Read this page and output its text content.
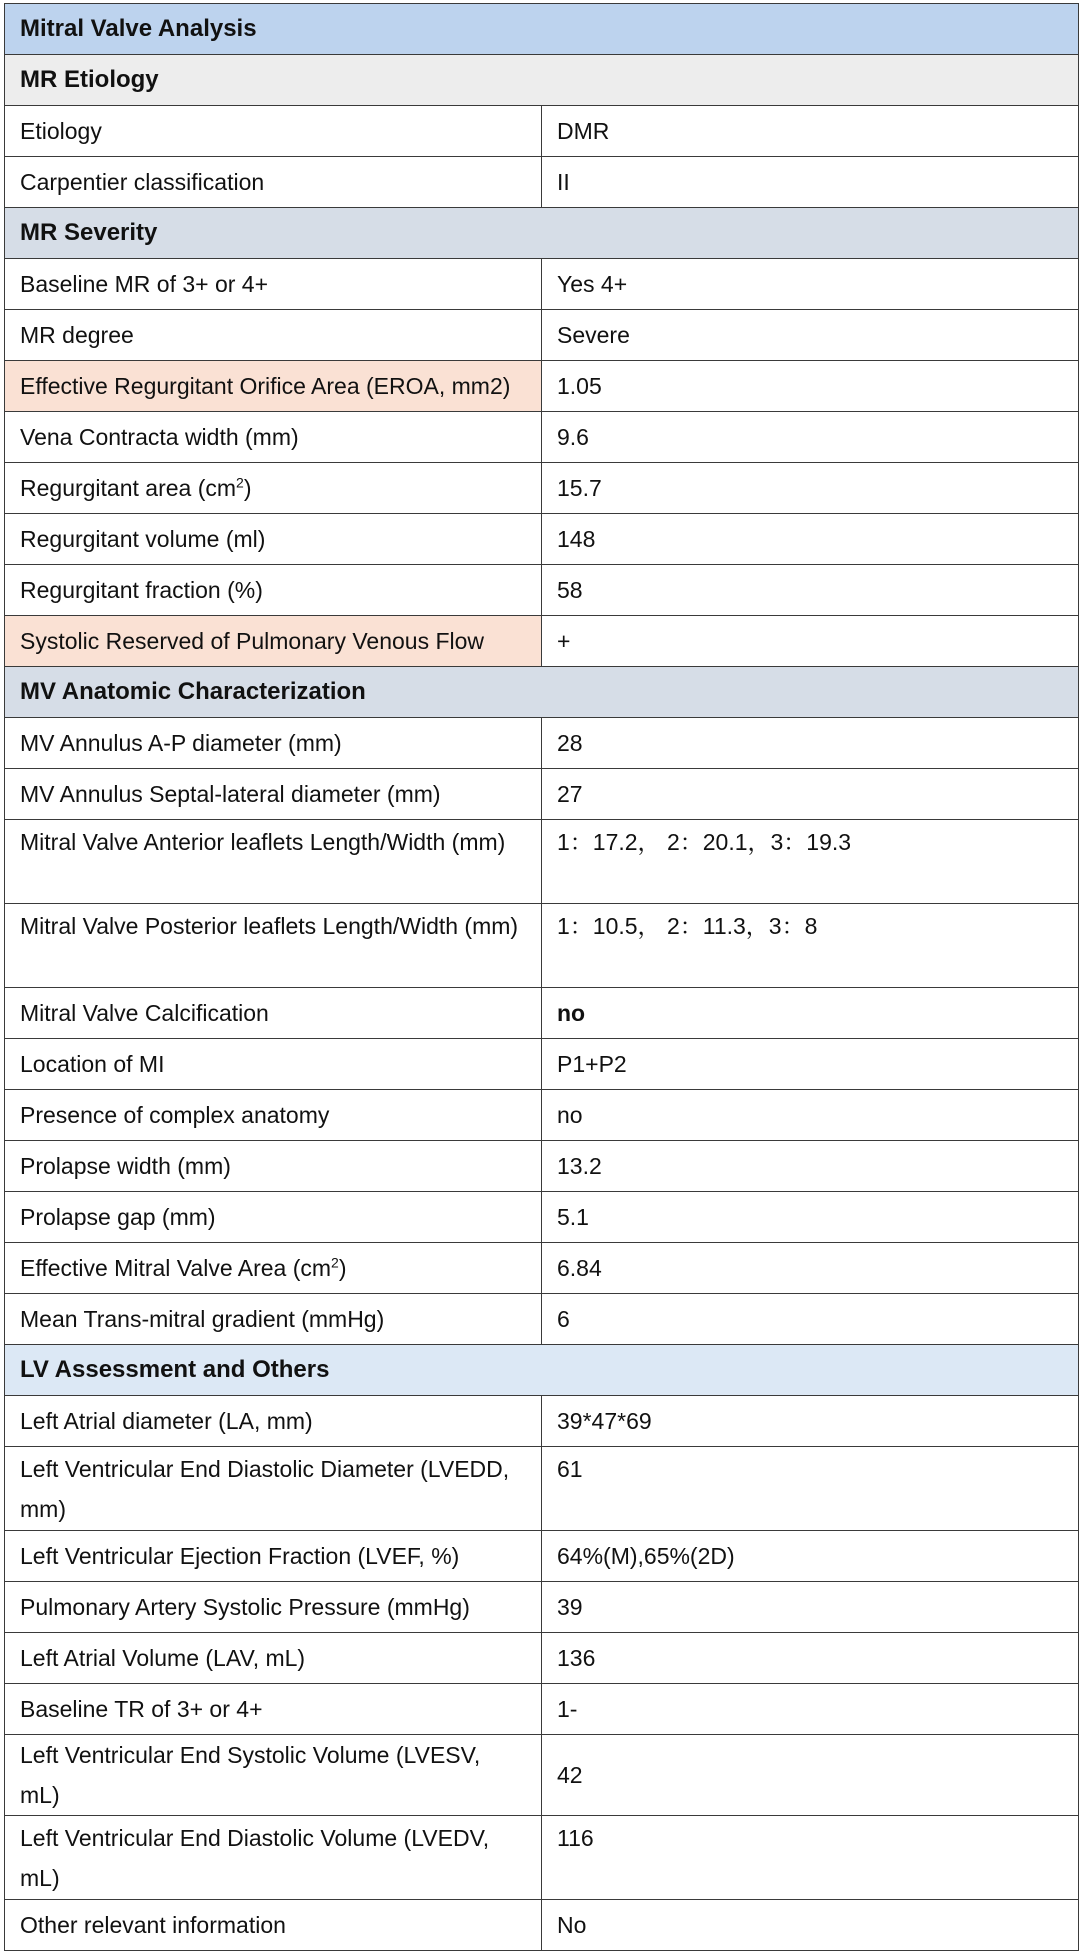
Mitral Valve Analysis	
MR Etiology	
Etiology	DMR
Carpentier classification	II
MR Severity	
Baseline MR of 3+ or 4+	Yes 4+
MR degree	Severe
Effective Regurgitant Orifice Area (EROA, mm2)	1.05
Vena Contracta width (mm)	9.6
Regurgitant area $(cm^2)$	15.7
Regurgitant volume (ml)	148
Regurgitant fraction (%)	58
Systolic Reserved of Pulmonary Venous Flow	+
MV Anatomic Characterization	
MV Annulus A-P diameter (mm)	28
MV Annulus Septal-lateral diameter (mm)	27
Mitral Valve Anterior leaflets Length/Width (mm)	1：17.2， 2：20.1，3：19.3
Mitral Valve Posterior leaflets Length/Width (mm)	1：10.5， 2：11.3，3：8
Mitral Valve Calcification	no
Location of MI	P1+P2
Presence of complex anatomy	no
Prolapse width (mm)	13.2
Prolapse gap (mm)	5.1
Effective Mitral Valve Area $(cm^2)$	6.84
Mean Trans-mitral gradient (mmHg)	6
LV Assessment and Others	
Left Atrial diameter (LA, mm)	39*47*69
Left Ventricular End Diastolic Diameter (LVEDD, mm)	61
Left Ventricular Ejection Fraction (LVEF, %)	64%(M),65%(2D)
Pulmonary Artery Systolic Pressure (mmHg)	39
Left Atrial Volume (LAV, mL)	136
Baseline TR of 3+ or 4+	1-
Left Ventricular End Systolic Volume (LVESV, mL)	42
Left Ventricular End Diastolic Volume (LVEDV, mL)	116
Other relevant information	No
